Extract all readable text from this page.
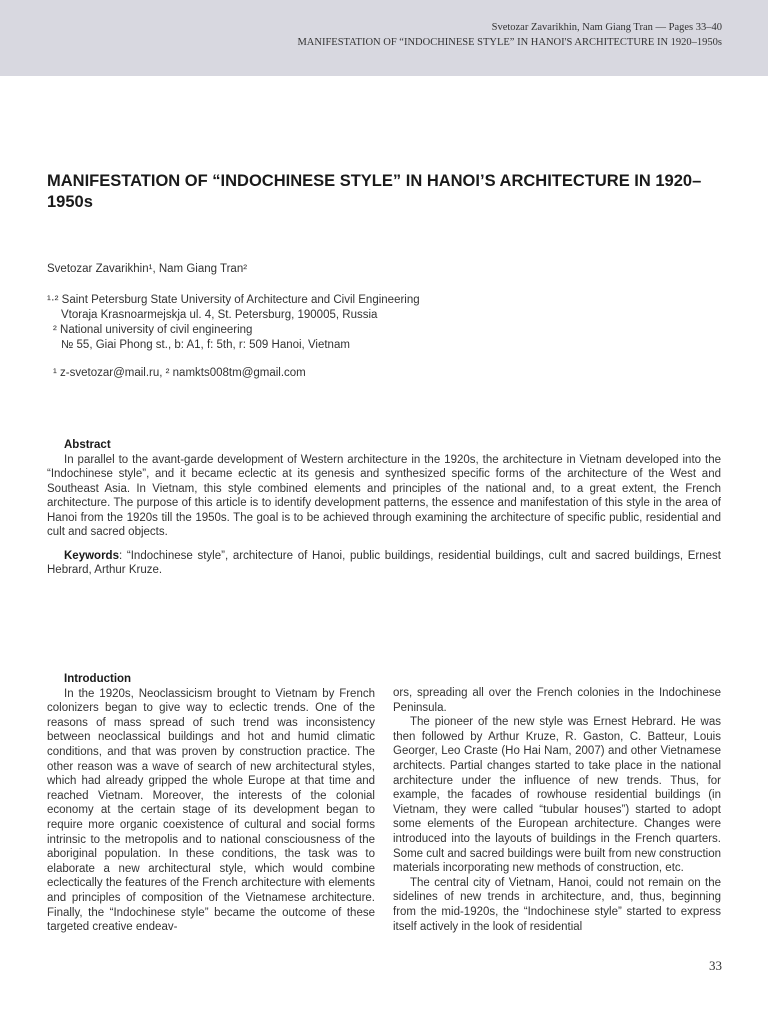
Svetozar Zavarikhin, Nam Giang Tran — Pages 33–40
MANIFESTATION OF “INDOCHINESE STYLE” IN HANOI'S ARCHITECTURE IN 1920–1950s
MANIFESTATION OF “INDOCHINESE STYLE” IN HANOI’S ARCHITECTURE IN 1920–1950s
Svetozar Zavarikhin¹, Nam Giang Tran²
¹·² Saint Petersburg State University of Architecture and Civil Engineering
Vtoraja Krasnoarmejskja ul. 4, St. Petersburg, 190005, Russia
² National university of civil engineering
№ 55, Giai Phong st., b: A1, f: 5th, r: 509 Hanoi, Vietnam
¹ z-svetozar@mail.ru, ² namkts008tm@gmail.com
Abstract

In parallel to the avant-garde development of Western architecture in the 1920s, the architecture in Vietnam developed into the “Indochinese style”, and it became eclectic at its genesis and synthesized specific forms of the architecture of the West and Southeast Asia. In Vietnam, this style combined elements and principles of the national and, to a great extent, the French architecture. The purpose of this article is to identify development patterns, the essence and manifestation of this style in the area of Hanoi from the 1920s till the 1950s. The goal is to be achieved through examining the architecture of specific public, residential and cult and sacred objects.

Keywords: “Indochinese style”, architecture of Hanoi, public buildings, residential buildings, cult and sacred buildings, Ernest Hebrard, Arthur Kruze.

Introduction

In the 1920s, Neoclassicism brought to Vietnam by French colonizers began to give way to eclectic trends. One of the reasons of mass spread of such trend was inconsistency between neoclassical buildings and hot and humid climatic conditions, and that was proven by construction practice. The other reason was a wave of search of new architectural styles, which had already gripped the whole Europe at that time and reached Vietnam. Moreover, the interests of the colonial economy at the certain stage of its development began to require more organic coexistence of cultural and social forms intrinsic to the metropolis and to national consciousness of the aboriginal population. In these conditions, the task was to elaborate a new architectural style, which would combine eclectically the features of the French architecture with elements and principles of composition of the Vietnamese architecture. Finally, the “Indochinese style” became the outcome of these targeted creative endeav-

ors, spreading all over the French colonies in the Indochinese Peninsula.

The pioneer of the new style was Ernest Hebrard. He was then followed by Arthur Kruze, R. Gaston, C. Batteur, Louis Georger, Leo Craste (Ho Hai Nam, 2007) and other Vietnamese architects. Partial changes started to take place in the national architecture under the influence of new trends. Thus, for example, the facades of rowhouse residential buildings (in Vietnam, they were called “tubular houses”) started to adopt some elements of the European architecture. Changes were introduced into the layouts of buildings in the French quarters. Some cult and sacred buildings were built from new construction materials incorporating new methods of construction, etc.

The central city of Vietnam, Hanoi, could not remain on the sidelines of new trends in architecture, and, thus, beginning from the mid-1920s, the “Indochinese style” started to express itself actively in the look of residential

33
